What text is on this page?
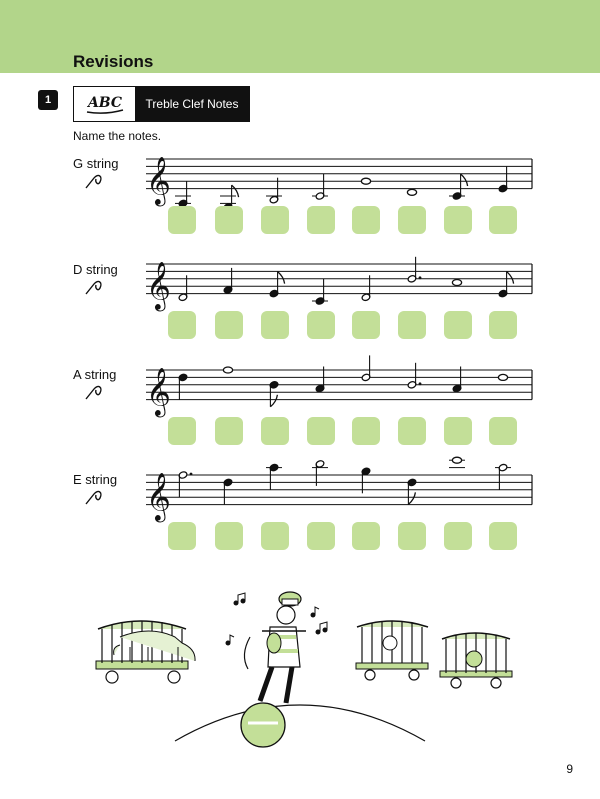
Revisions
1	ABC	Treble Clef Notes
Name the notes.
G string 𝄞
D string 𝄞
A string 𝄞
E string 𝄞
9
